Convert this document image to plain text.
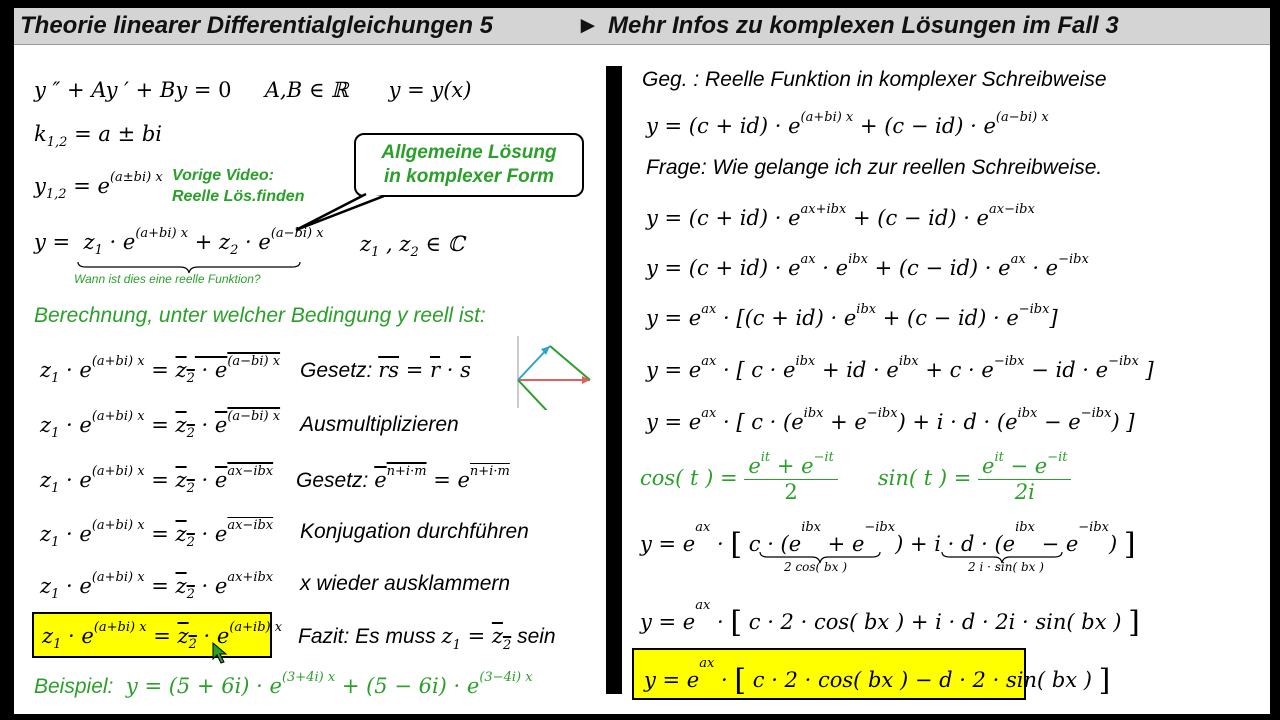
Theorie linearer Differentialgleichungen 5	► Mehr Infos zu komplexen Lösungen im Fall 3
y ″ + Ay ′ + By = 0     A,B ∈ ℝ      y = y(x)
$k_{1,2} = a$ ± bi
$y_{1,2} = e^{(a\pm bi) x}$ Vorige Video:
Reelle Lös.finden
Allgemeine Lösung
in komplexer Form
$y = z_1 \cdot e^{(a+bi) x} + z_2 \cdot e^{(a-bi) x}$
Wann ist dies eine reelle Funktion?
$z_1$ , $z_2$ ∈ ℂ
Berechnung, unter welcher Bedingung y reell ist:
$z_1 \cdot e^{(a+bi) x} = z_2 \cdot e^{(a-bi) x}$ Gesetz: $\overline{rs} = \overline{r} \cdot \overline{s}$
$z_1 \cdot e^{(a+bi) x} = z_2 \cdot e^{(a-bi) x}$ Ausmultiplizieren
$z_1 \cdot e^{(a+bi) x} = z_2 \cdot e^{ax-ibx}$ Gesetz: $e^{n+i\cdot m} = e^{n+i\cdot m}$
$z_1 \cdot e^{(a+bi) x} = z_2 \cdot e^{ax-ibx}$ Konjugation durchführen
$z_1 \cdot e^{(a+bi) x} = z_2 \cdot e^{ax+ibx}$ x wieder ausklammern
$z_1 \cdot e^{(a+bi) x} = z_2 \cdot e^{(a+ib) x}$ Fazit: Es muss $z_1 = z_2$ sein
Beispiel:  $y = (5 + 6i) \cdot e^{(3+4i) x} + (5 - 6i) \cdot e^{(3-4i) x}$
Geg. : Reelle Funktion in komplexer Schreibweise
$y = (c + id) \cdot e^{(a+bi) x} + (c - id) \cdot e^{(a-bi) x}$
Frage: Wie gelange ich zur reellen Schreibweise.
$y = (c + id) \cdot e^{ax+ibx} + (c - id) \cdot e^{ax-ibx}$
$y = (c + id) \cdot e^{ax} \cdot e^{ibx} + (c - id) \cdot e^{ax} \cdot e^{-ibx}$
$y = e^{ax} \cdot [(c + id) \cdot e^{ibx} + (c - id) \cdot e^{-ibx}]$
$y = e^{ax}$ · [ $c \cdot e^{ibx}$ + id · $e^{ibx} + c \cdot e^{-ibx}$ − id · $e^{-ibx}$ ]
$y = e^{ax}$ · [ $c \cdot (e^{ibx} + e^{-ibx}) + i \cdot d \cdot (e^{ibx} - e^{-ibx})$ ]
cos( t ) = $\frac{e^{it} + e^{-it}}{2} \sin$( t ) = $\frac{e^{it} - e^{-it}}{2i}$
$y = e^{ax}$ · [ $c \cdot (e^{ibx} + e^{-ibx}) + i \cdot d \cdot (e^{ibx} - e^{-ibx})$ ]
2 cos( bx )	2 i · sin( bx )
$y = e^{ax}$ · [ c · 2 · cos( bx ) + i · d · 2i · sin( bx ) ]
$y = e^{ax}$ · [ c · 2 · cos( bx ) − d · 2 · sin( bx ) ]
